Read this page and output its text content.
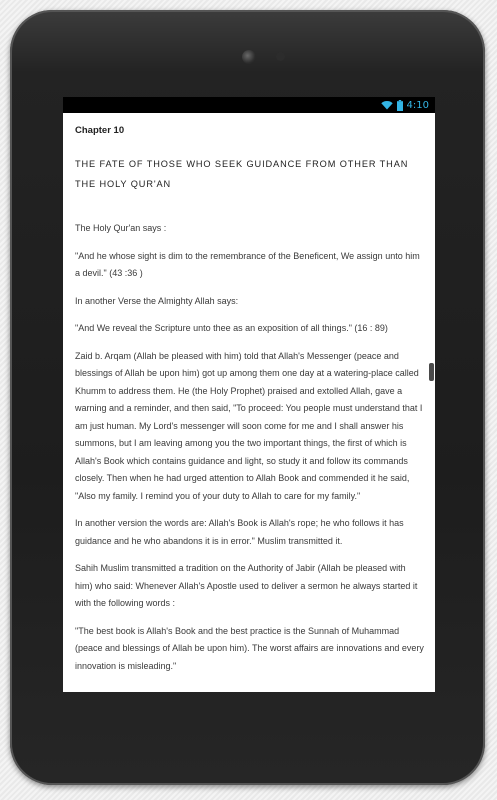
4:10

Chapter 10

THE FATE OF THOSE WHO SEEK GUIDANCE FROM OTHER THAN THE HOLY QUR'AN

The Holy Qur'an says :

"And he whose sight is dim to the remembrance of the Beneficent, We assign unto him a devil." (43 :36 )

In another Verse the Almighty Allah says:

"And We reveal the Scripture unto thee as an exposition of all things." (16 : 89)

Zaid b. Arqam (Allah be pleased with him) told that Allah's Messenger (peace and blessings of Allah be upon him) got up among them one day at a watering-place called Khumm to address them. He (the Holy Prophet) praised and extolled Allah, gave a warning and a reminder, and then said, "To proceed: You people must understand that I am just human. My Lord's messenger will soon come for me and I shall answer his summons, but I am leaving among you the two important things, the first of which is Allah's Book which contains guidance and light, so study it and follow its commands closely. Then when he had urged attention to Allah Book and commended it he said, "Also my family. I remind you of your duty to Allah to care for my family."

In another version the words are: Allah's Book is Allah's rope; he who follows it has guidance and he who abandons it is in error." Muslim transmitted it.

Sahih Muslim transmitted a tradition on the Authority of Jabir (Allah be pleased with him) who said: Whenever Allah's Apostle used to deliver a sermon he always started it with the following words :

"The best book is Allah's Book and the best practice is the Sunnah of Muhammad (peace and blessings of Allah be upon him). The worst affairs are innovations and every innovation is misleading."
